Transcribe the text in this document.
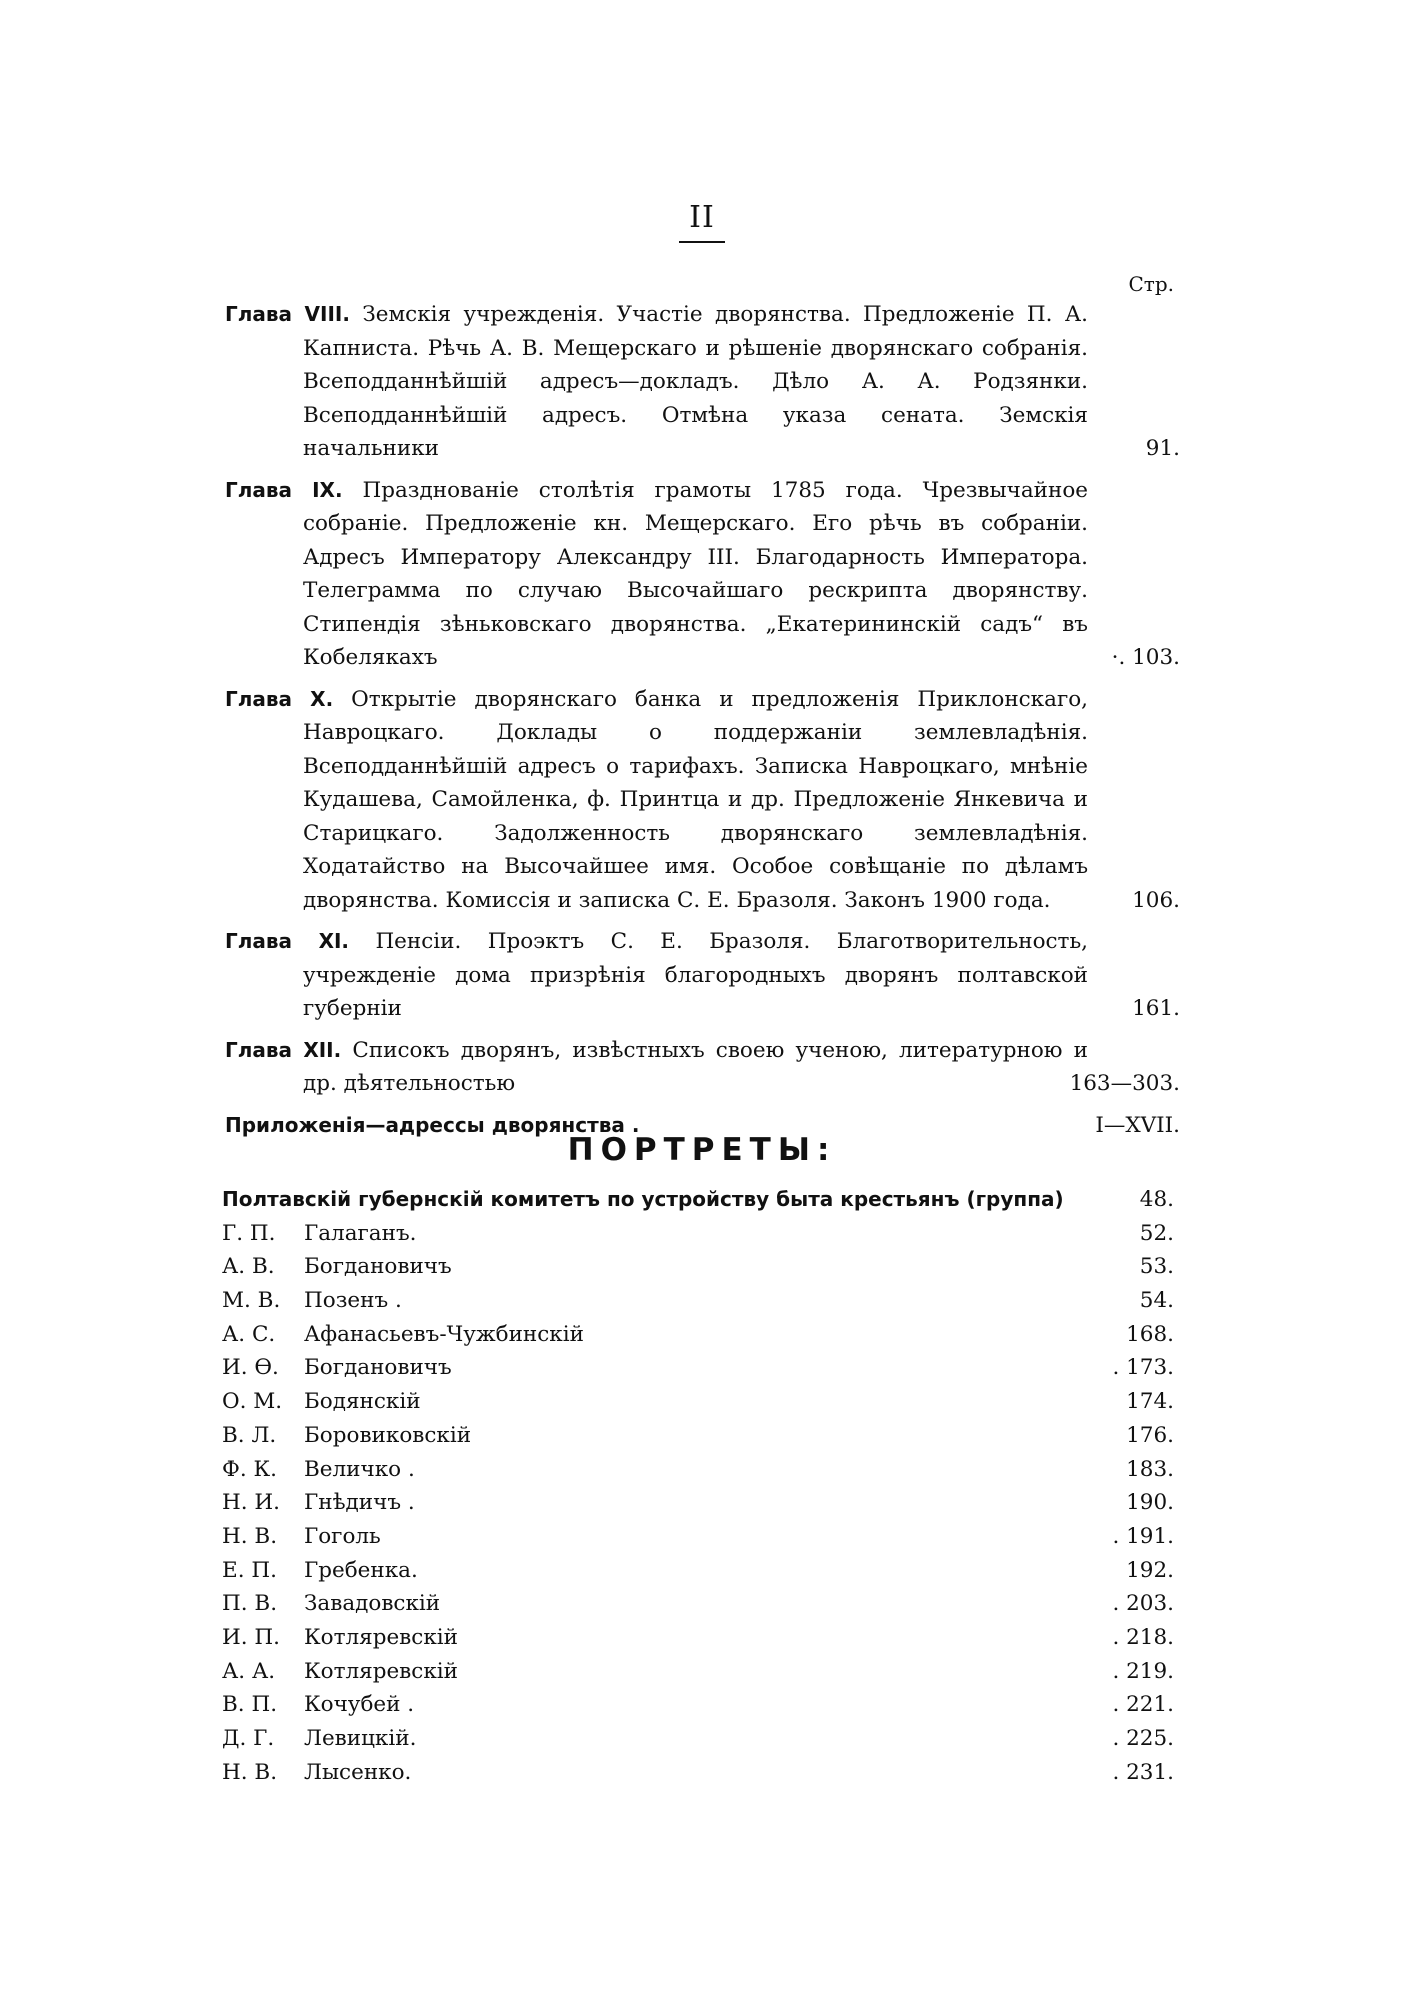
II
Стр.
Глава VIII. Земскія учрежденія. Участіе дворянства. Предложеніе П. А. Капниста. Рѣчь А. В. Мещерскаго и рѣшеніе дворянскаго собранія. Всеподданнѣйшій адресъ—докладъ. Дѣло А. А. Родзянки. Всеподданнѣйшій адресъ. Отмѣна указа сената. Земскія начальники	91.
Глава IX. Празднованіе столѣтія грамоты 1785 года. Чрезвычайное собраніе. Предложеніе кн. Мещерскаго. Его рѣчь въ собраніи. Адресъ Императору Александру III. Благодарность Императора. Телеграмма по случаю Высочайшаго рескрипта дворянству. Стипендія зѣньковскаго дворянства. „Екатерининскій садъ“ въ Кобелякахъ	·. 103.
Глава X. Открытіе дворянскаго банка и предложенія Приклонскаго, Навроцкаго. Доклады о поддержаніи землевладѣнія. Всеподданнѣйшій адресъ о тарифахъ. Записка Навроцкаго, мнѣніе Кудашева, Самойленка, ф. Принтца и др. Предложеніе Янкевича и Старицкаго. Задолженность дворянскаго землевладѣнія. Ходатайство на Высочайшее имя. Особое совѣщаніе по дѣламъ дворянства. Комиссія и записка С. Е. Бразоля. Законъ 1900 года.	106.
Глава XI. Пенсіи. Проэктъ С. Е. Бразоля. Благотворительность, учрежденіе дома призрѣнія благородныхъ дворянъ полтавской губерніи	161.
Глава XII. Списокъ дворянъ, извѣстныхъ своею ученою, литературною и др. дѣятельностью	163—303.
Приложенія—адрессы дворянства .	I—XVII.
ПОРТРЕТЫ:
Полтавскій губернскій комитетъ по устройству быта крестьянъ (группа)	48.
Г. П. Галаганъ.	52.
А. В. Богдановичъ	53.
М. В. Позенъ .	54.
А. С. Афанасьевъ-Чужбинскій	168.
И. Ѳ. Богдановичъ	. 173.
О. М. Бодянскій	174.
В. Л. Боровиковскій	176.
Ф. К. Величко .	183.
Н. И. Гнѣдичъ .	190.
Н. В. Гоголь	. 191.
Е. П. Гребенка.	192.
П. В. Завадовскій	. 203.
И. П. Котляревскій	. 218.
А. А. Котляревскій	. 219.
В. П. Кочубей .	. 221.
Д. Г. Левицкій.	. 225.
Н. В. Лысенко.	. 231.
